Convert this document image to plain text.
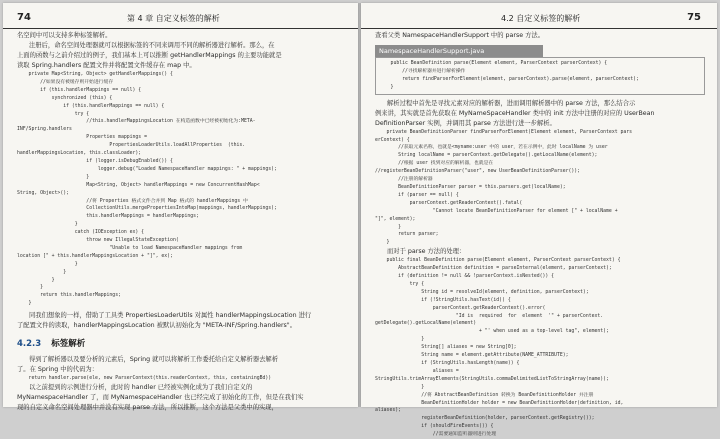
74	第 4 章 自定义标签的解析

名空间中可以支持多种标签解析。

注册后，命名空间处理器就可以根据标签的不同来调用不同的解析器进行解析。那么，在

上面的函数与之前介绍过的例子，我们基本上可以推断 getHandlerMappings 的主要功能就是

读取 Spring.handlers 配置文件并将配置文件缓存在 map 中。

private Map<String, Object> getHandlerMappings() {

//如果没有被缓存则开始进行缓存

if (this.handlerMappings == null) {

synchronized (this) {

if (this.handlerMappings == null) {

try {

//this.handlerMappingsLocation 在构造函数中已经被初始化为:META-

INF/Spring.handlers

Properties mappings =

PropertiesLoaderUtils.loadAllProperties  (this.

handlerMappingsLocation, this.classLoader);

if (logger.isDebugEnabled()) {

logger.debug("Loaded NamespaceHandler mappings: " + mappings);

}

Map<String, Object> handlerMappings = new ConcurrentHashMap<

String, Object>();

//将 Properties 格式文件合并到 Map 格式的 handlerMappings 中

CollectionUtils.mergePropertiesIntoMap(mappings, handlerMappings);

this.handlerMappings = handlerMappings;

}

catch (IOException ex) {

throw new IllegalStateException(

"Unable to load NamespaceHandler mappings from

location [" + this.handlerMappingsLocation + "]", ex);

}

}

}

}

return this.handlerMappings;

}

同我们想象的一样，借助了工具类 PropertiesLoaderUtils 对属性 handlerMappingsLocation 进行

了配置文件的读取，handlerMappingsLocation 被默认初始化为 "META-INF/Spring.handlers"。

4.2.3 标签解析

得到了解析器以及要分析的元素后，Spring 就可以将解析工作委托给自定义解析器去解析

了。在 Spring 中的代码为：

return handler.parse(ele, new ParserContext(this.readerContext, this, containingBd))

以之前提到的示例进行分析，此时的 handler 已经被实例化成为了我们自定义的

MyNamespaceHandler 了，而 MyNamespaceHandler 也已经完成了初始化的工作，但是在我们实

现的自定义命名空间处理器中并没有实现 parse 方法，所以推断，这个方法是父类中的实现，

4.2 自定义标签的解析	75

查看父类 NamespaceHandlerSupport 中的 parse 方法。

NamespaceHandlerSupport.java

public BeanDefinition parse(Element element, ParserContext parserContext) {

//寻找解析器并进行解析操作

return findParserForElement(element, parserContext).parse(element, parserContext);

}

解析过程中首先是寻找元素对应的解析器，进而调用解析器中的 parse 方法，那么结合示

例来讲，其实就是首先获取在 MyNameSpaceHandler 类中的 init 方法中注册的对应的 UserBean

DefinitionParser 实例，并调用其 parse 方法进行进一步解析。

private BeanDefinitionParser findParserForElement(Element element, ParserContext pars

erContext) {

//获取元素名称，也就是<myname:user 中的 user，若在示例中，此时 localName 为 user

String localName = parserContext.getDelegate().getLocalName(element);

//根据 user 找到对应的解析器，也就是在

//registerBeanDefinitionParser("user", new UserBeanDefinitionParser());

//注册的解析器

BeanDefinitionParser parser = this.parsers.get(localName);

if (parser == null) {

parserContext.getReaderContext().fatal(

"Cannot locate BeanDefinitionParser for element [" + localName +

"]", element);

}

return parser;

}

而对于 parse 方法的处理：

public final BeanDefinition parse(Element element, ParserContext parserContext) {

AbstractBeanDefinition definition = parseInternal(element, parserContext);

if (definition != null && !parserContext.isNested()) {

try {

String id = resolveId(element, definition, parserContext);

if (!StringUtils.hasText(id)) {

parserContext.getReaderContext().error(

"Id is  required  for  element  '" + parserContext.

getDelegate().getLocalName(element)

+ "' when used as a top-level tag", element);

}

String[] aliases = new String[0];

String name = element.getAttribute(NAME_ATTRIBUTE);

if (StringUtils.hasLength(name)) {

aliases =

StringUtils.trimArrayElements(StringUtils.commaDelimitedListToStringArray(name));

}

//将 AbstractBeanDefinition 转换为 BeanDefinitionHolder 并注册

BeanDefinitionHolder holder = new BeanDefinitionHolder(definition, id,

aliases);

registerBeanDefinition(holder, parserContext.getRegistry());

if (shouldFireEvents()) {

//需要通知监听器则进行处理
